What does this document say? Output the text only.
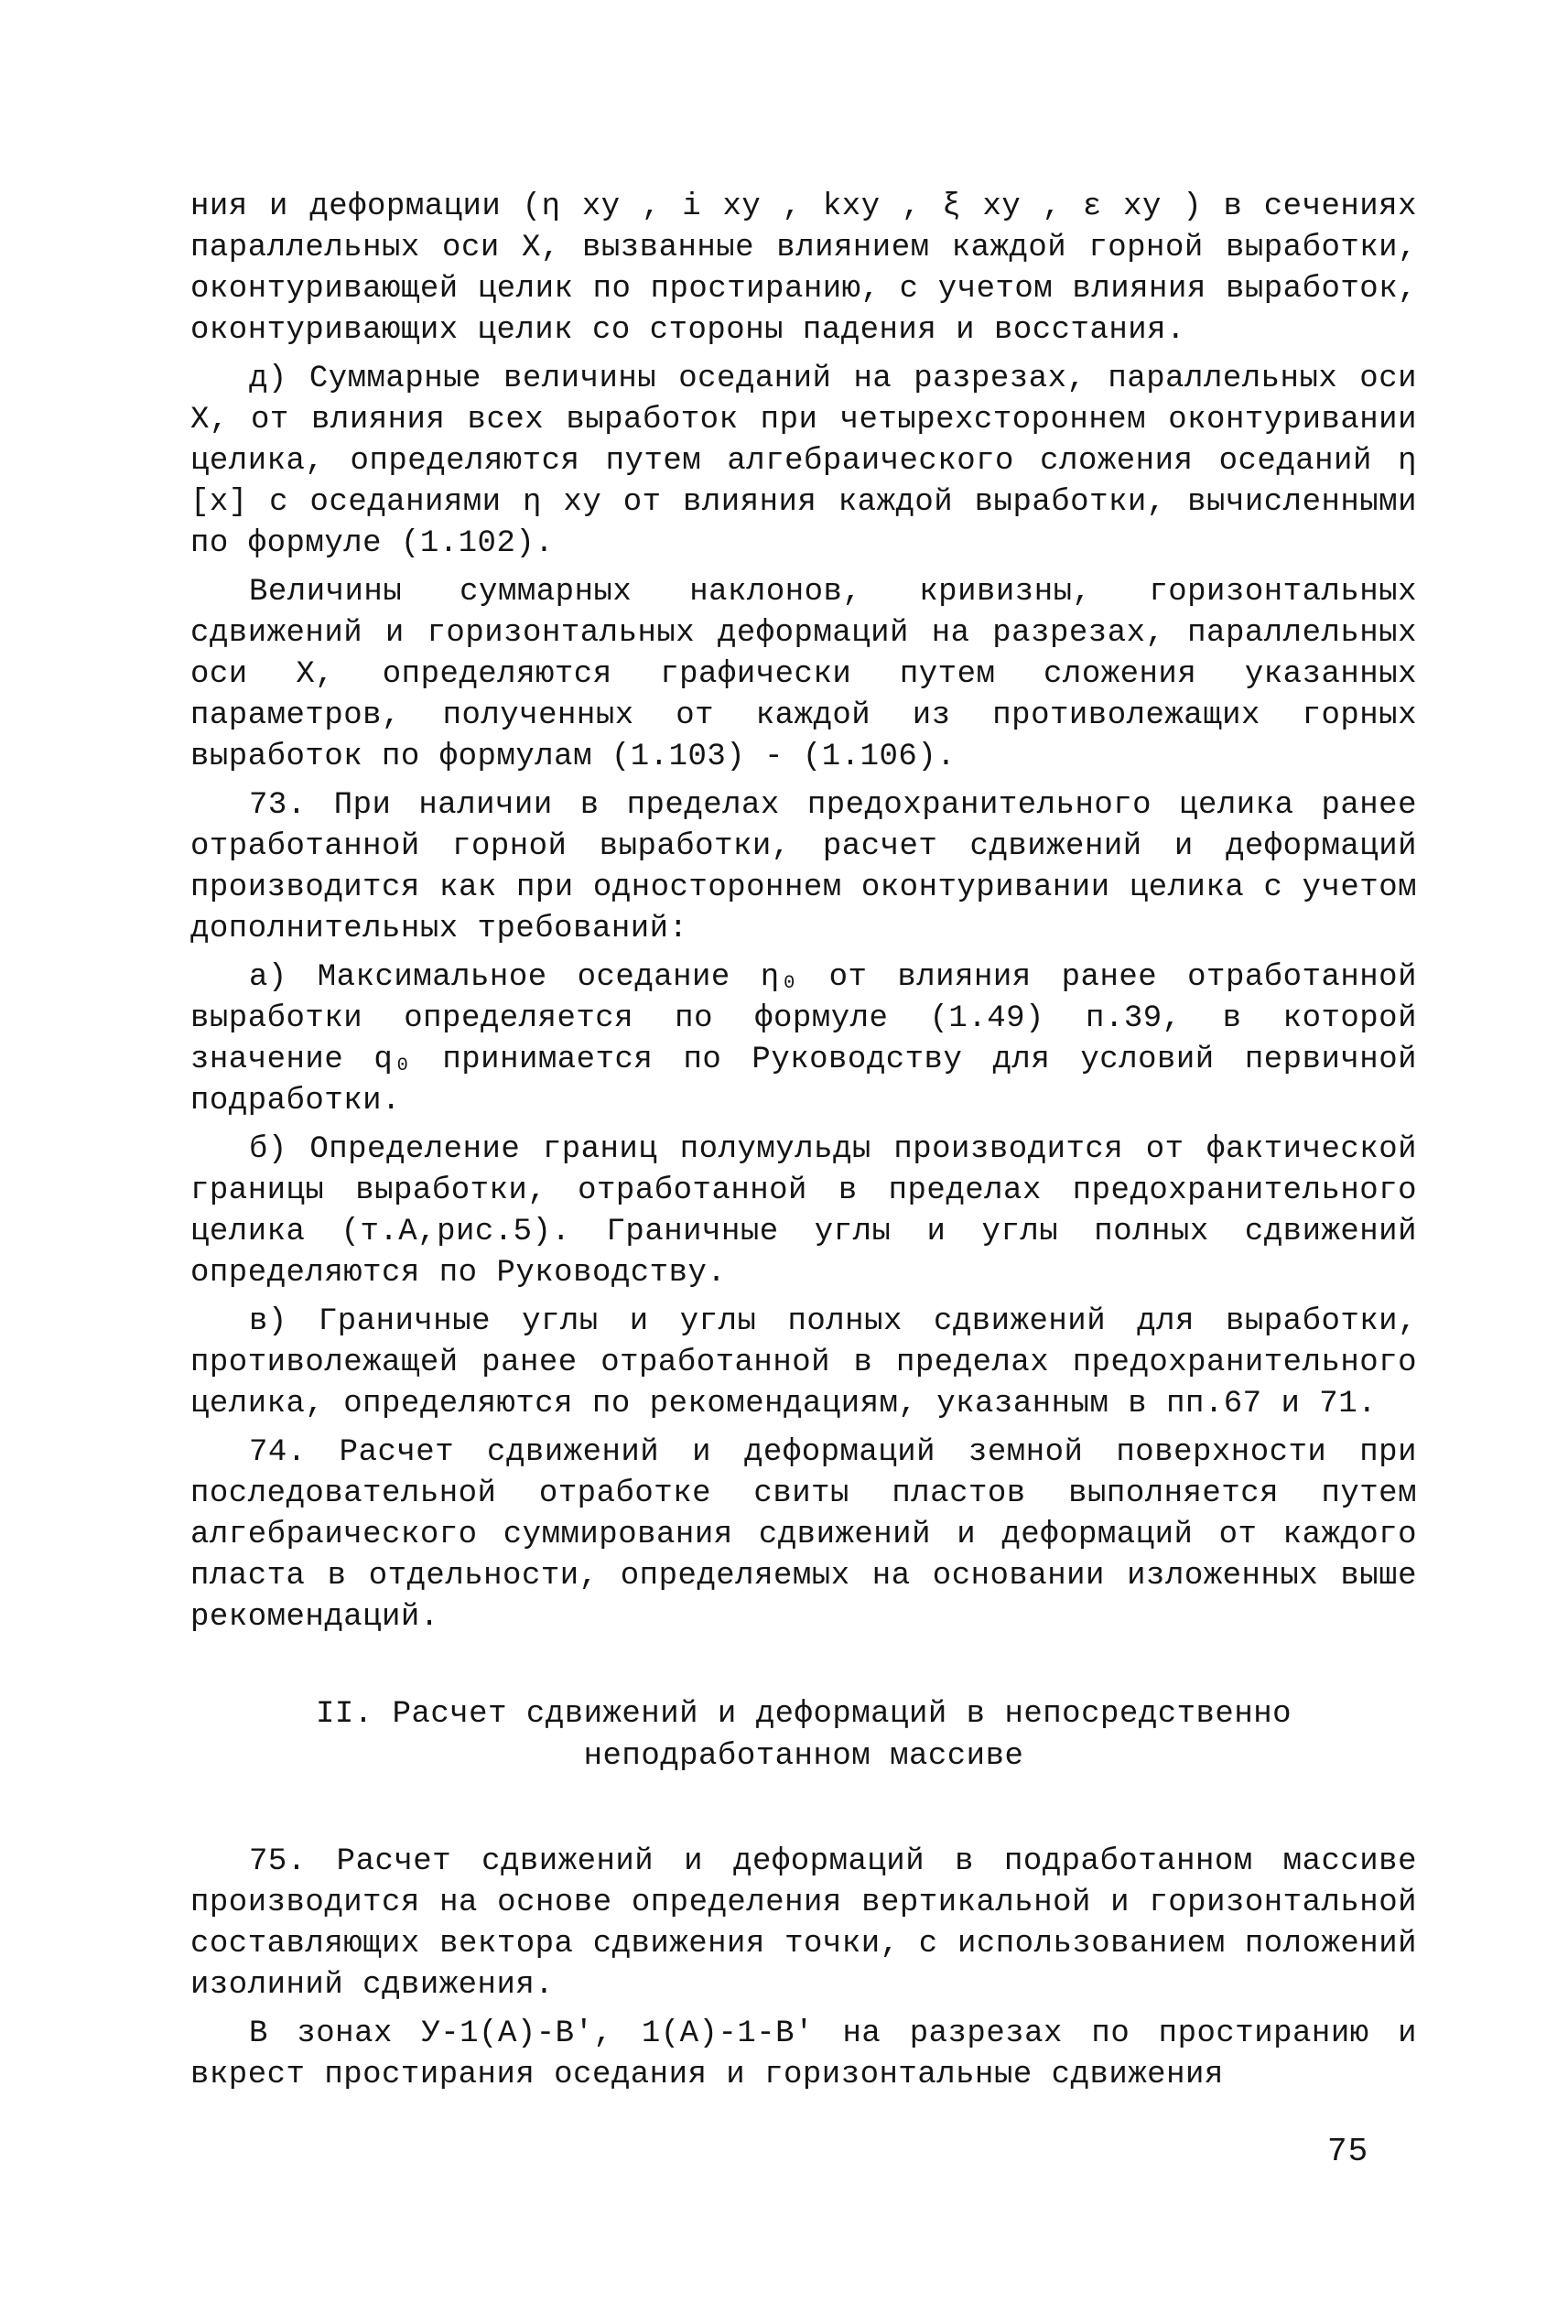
ния и деформации (η ху , i ху , kху , ξ ху , ε ху ) в сечениях параллельных оси X, вызванные влиянием каждой горной выработки, оконтуривающей целик по простиранию, с учетом влияния выработок, оконтуривающих целик со стороны падения и восстания.

д) Суммарные величины оседаний на разрезах, параллельных оси X, от влияния всех выработок при четырехстороннем оконтуривании целика, определяются путем алгебраического сложения оседаний η [x] с оседаниями η ху от влияния каждой выработки, вычисленными по формуле (1.102).

Величины суммарных наклонов, кривизны, горизонтальных сдвижений и горизонтальных деформаций на разрезах, параллельных оси X, определяются графически путем сложения указанных параметров, полученных от каждой из противолежащих горных выработок по формулам (1.103) - (1.106).

73. При наличии в пределах предохранительного целика ранее отработанной горной выработки, расчет сдвижений и деформаций производится как при одностороннем оконтуривании целика с учетом дополнительных требований:

а) Максимальное оседание η₀ от влияния ранее отработанной выработки определяется по формуле (1.49) п.39, в которой значение q₀ принимается по Руководству для условий первичной подработки.

б) Определение границ полумульды производится от фактической границы выработки, отработанной в пределах предохранительного целика (т.А,рис.5). Граничные углы и углы полных сдвижений определяются по Руководству.

в) Граничные углы и углы полных сдвижений для выработки, противолежащей ранее отработанной в пределах предохранительного целика, определяются по рекомендациям, указанным в пп.67 и 71.

74. Расчет сдвижений и деформаций земной поверхности при последовательной отработке свиты пластов выполняется путем алгебраического суммирования сдвижений и деформаций от каждого пласта в отдельности, определяемых на основании изложенных выше рекомендаций.

II. Расчет сдвижений и деформаций в непосредственно
неподработанном массиве

75. Расчет сдвижений и деформаций в подработанном массиве производится на основе определения вертикальной и горизонтальной составляющих вектора сдвижения точки, с использованием положений изолиний сдвижения.

В зонах У-1(А)-В', 1(А)-1-В' на разрезах по простиранию и вкрест простирания оседания и горизонтальные сдвижения

75
